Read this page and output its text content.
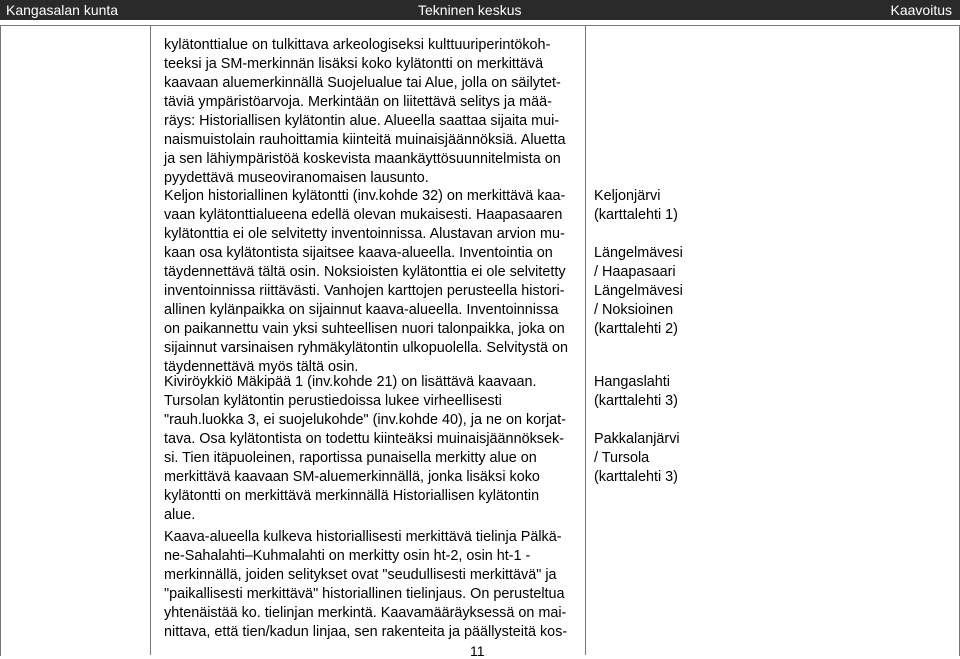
Kangasalan kunta	Tekninen keskus	Kaavoitus
kylätonttialue on tulkittava arkeologiseksi kulttuuriperintökoh-
teeksi ja SM-merkinnän lisäksi koko kylätontti on merkittävä
kaavaan aluemerkinnällä Suojelualue tai Alue, jolla on säilytet-
täviä ympäristöarvoja. Merkintään on liitettävä selitys ja mää-
räys: Historiallisen kylätontin alue. Alueella saattaa sijaita mui-
naismuistolain rauhoittamia kiinteitä muinaisjäännöksiä. Aluetta
ja sen lähiympäristöä koskevista maankäyttösuunnitelmista on
pyydettävä museoviranomaisen lausunto.
Keljon historiallinen kylätontti (inv.kohde 32) on merkittävä kaa-
vaan kylätonttialueena edellä olevan mukaisesti. Haapasaaren
kylätonttia ei ole selvitetty inventoinnissa. Alustavan arvion mu-
kaan osa kylätontista sijaitsee kaava-alueella. Inventointia on
täydennettävä tältä osin. Noksioisten kylätonttia ei ole selvitetty
inventoinnissa riittävästi. Vanhojen karttojen perusteella histori-
allinen kylänpaikka on sijainnut kaava-alueella. Inventoinnissa
on paikannettu vain yksi suhteellisen nuori talonpaikka, joka on
sijainnut varsinaisen ryhmäkylätontin ulkopuolella. Selvitystä on
täydennettävä myös tältä osin.
Kiviröykkiö Mäkipää 1 (inv.kohde 21) on lisättävä kaavaan.
Tursolan kylätontin perustiedoissa lukee virheellisesti
"rauh.luokka 3, ei suojelukohde" (inv.kohde 40), ja ne on korjat-
tava. Osa kylätontista on todettu kiinteäksi muinaisjäännöksek-
si. Tien itäpuoleinen, raportissa punaisella merkitty alue on
merkittävä kaavaan SM-aluemerkinnällä, jonka lisäksi koko
kylätontti on merkittävä merkinnällä Historiallisen kylätontin
alue.
Kaava-alueella kulkeva historiallisesti merkittävä tielinja Pälkä-
ne-Sahalahti–Kuhmalahti on merkitty osin ht-2, osin ht-1 -
merkinnällä, joiden selitykset ovat "seudullisesti merkittävä" ja
"paikallisesti merkittävä" historiallinen tielinjaus. On perusteltua
yhtenäistää ko. tielinjan merkintä. Kaavamääräyksessä on mai-
nittava, että tien/kadun linjaa, sen rakenteita ja päällysteitä kos-
Keljonjärvi
(karttalehti 1)

Längelmävesi
/ Haapasaari
Längelmävesi
/ Noksioinen
(karttalehti 2)
Hangaslahti
(karttalehti 3)

Pakkalanjärvi
/ Tursola
(karttalehti 3)
11
